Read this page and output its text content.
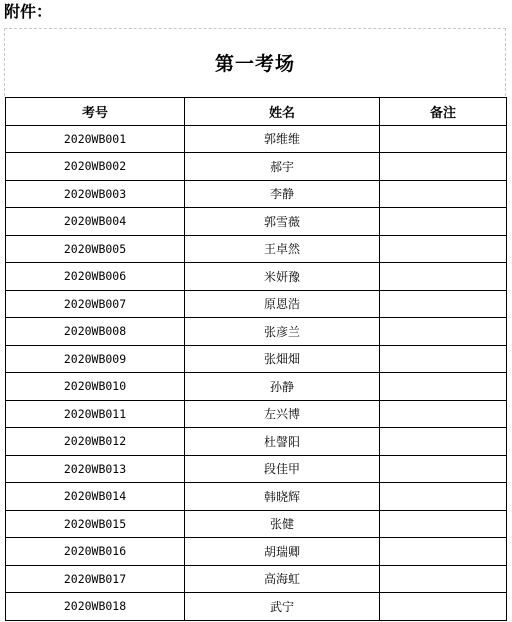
附件：
第一考场
考号	姓名	备注
2020WB001	郭维维	
2020WB002	郝宇	
2020WB003	李静	
2020WB004	郭雪薇	
2020WB005	王卓然	
2020WB006	米妍豫	
2020WB007	原恩浩	
2020WB008	张彦兰	
2020WB009	张畑畑	
2020WB010	孙静	
2020WB011	左兴博	
2020WB012	杜謦阳	
2020WB013	段佳甲	
2020WB014	韩晓辉	
2020WB015	张健	
2020WB016	胡瑞卿	
2020WB017	高海虹	
2020WB018	武宁	
